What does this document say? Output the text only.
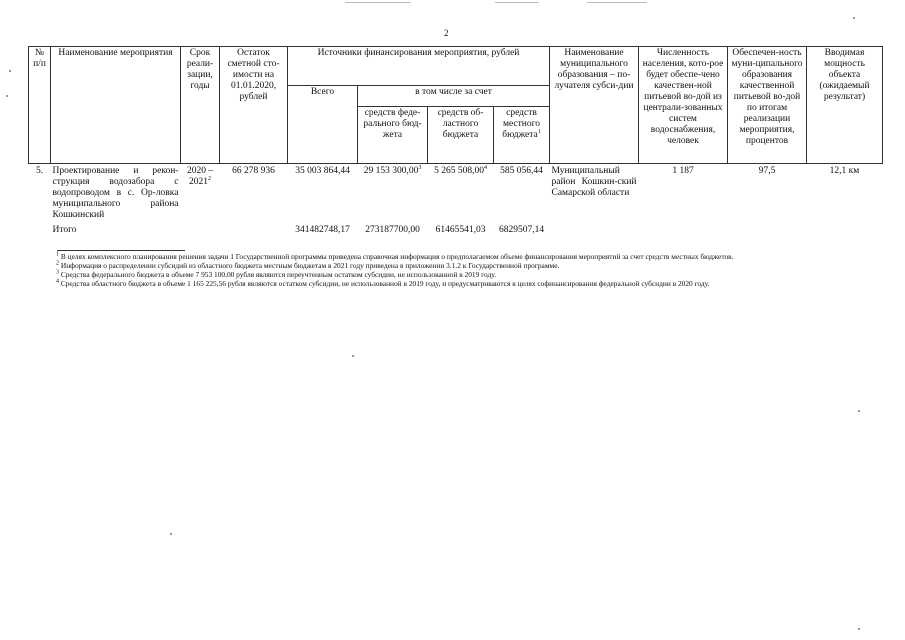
2
№ п/п	Наименование мероприятия	Срок реали-зации, годы	Остаток сметной сто-имости на 01.01.2020, рублей	Источники финансирования мероприятия, рублей				Наименование муниципального образования – по-лучателя субси-дии	Численность населения, кото-рое будет обеспе-чено качествен-ной питьевой во-дой из централи-зованных систем водоснабжения, человек	Обеспечен-ность муни-ципального образования качественной питьевой во-дой по итогам реализации мероприятия, процентов	Вводимая мощность объекта (ожидаемый результат)
				Всего	в том числе за счет						
					средств феде-рального бюд-жета	средств об-ластного бюджета	средств местного бюджета$^1$
5.	Проектирование и рекон-струкция водозабора с водопроводом в с. Ор-ловка муниципального района Кошкинский	2020 – 2021$^2$	66 278 936	35 003 864,44	29 153 300,00$^3$	5 265 508,00$^4$	585 056,44	Муниципальный район Кошкин-ский Самарской области	1 187	97,5	12,1 км
	Итого			341482748,17	273187700,00	61465541,03	6829507,14				

$^1$ В целях комплексного планирования решения задачи 1 Государственной программы приведена справочная информация о предполагаемом объеме финансирования мероприятий за счет средств местных бюджетов.

$^2$ Информация о распределении субсидий из областного бюджета местным бюджетам в 2021 году приведена в приложении 3.1.2 к Государственной программе.

$^3$ Средства федерального бюджета в объеме 7 953 100,00 рубля являются переучтенным остатком субсидии, не использованной в 2019 году.

$^4$ Средства областного бюджета в объеме 1 165 225,56 рубля являются остатком субсидии, не использованной в 2019 году, и предусматриваются в целях софинансирования федеральной субсидии в 2020 году.
